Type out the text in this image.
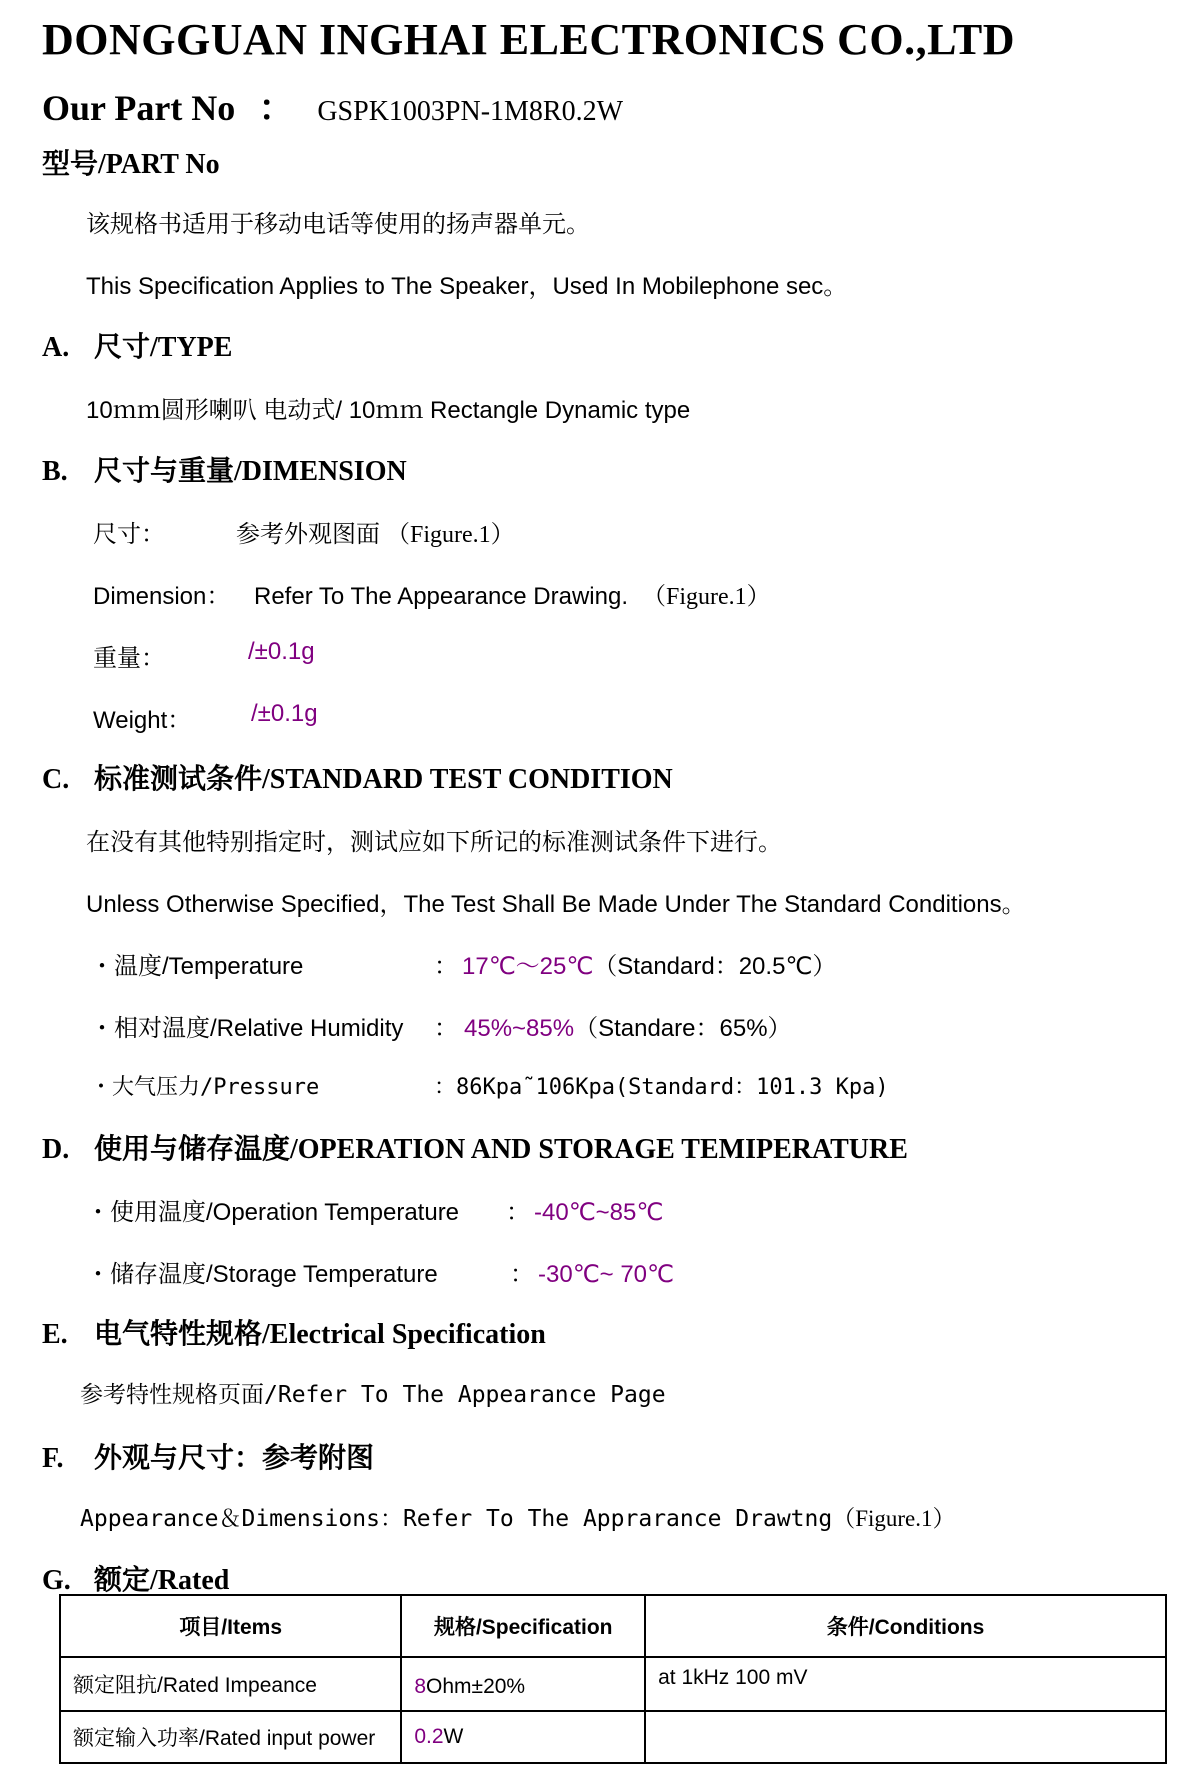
DONGGUAN INGHAI ELECTRONICS CO.,LTD
Our Part No ： GSPK1003PN-1M8R0.2W
型号/PART No
该规格书适用于移动电话等使用的扬声器单元。
This Specification Applies to The Speaker，Used In Mobilephone sec。
A. 尺寸/TYPE
10ｍｍ圆形喇叭 电动式/ 10ｍｍ Rectangle Dynamic type
B. 尺寸与重量/DIMENSION
尺寸：	参考外观图面 （Figure.1）
Dimension： Refer To The Appearance Drawing. （Figure.1）
重量：	/±0.1g
Weight： /±0.1g
C. 标准测试条件/STANDARD TEST CONDITION
在没有其他特别指定时，测试应如下所记的标准测试条件下进行。
Unless Otherwise Specified，The Test Shall Be Made Under The Standard Conditions。
・温度/Temperature	： 17℃～25℃（Standard：20.5℃）
・相对温度/Relative Humidity ： 45%~85%（Standare：65%）
・大气压力/Pressure	：86Kpa˜106Kpa(Standard：101.3 Kpa)
D. 使用与储存温度/OPERATION AND STORAGE TEMIPERATURE
・使用温度/Operation Temperature ： -40℃~85℃
・储存温度/Storage Temperature	： -30℃~ 70℃
E. 电气特性规格/Electrical Specification
参考特性规格页面/Refer To The Appearance Page
F. 外观与尺寸：参考附图
Appearance＆Dimensions：Refer To The Apprarance Drawtng（Figure.1）
G. 额定/Rated
项目/Items	规格/Specification	条件/Conditions
额定阻抗/Rated Impeance	8Ohm±20%	at 1kHz 100 mV
额定输入功率/Rated input power	0.2W	
